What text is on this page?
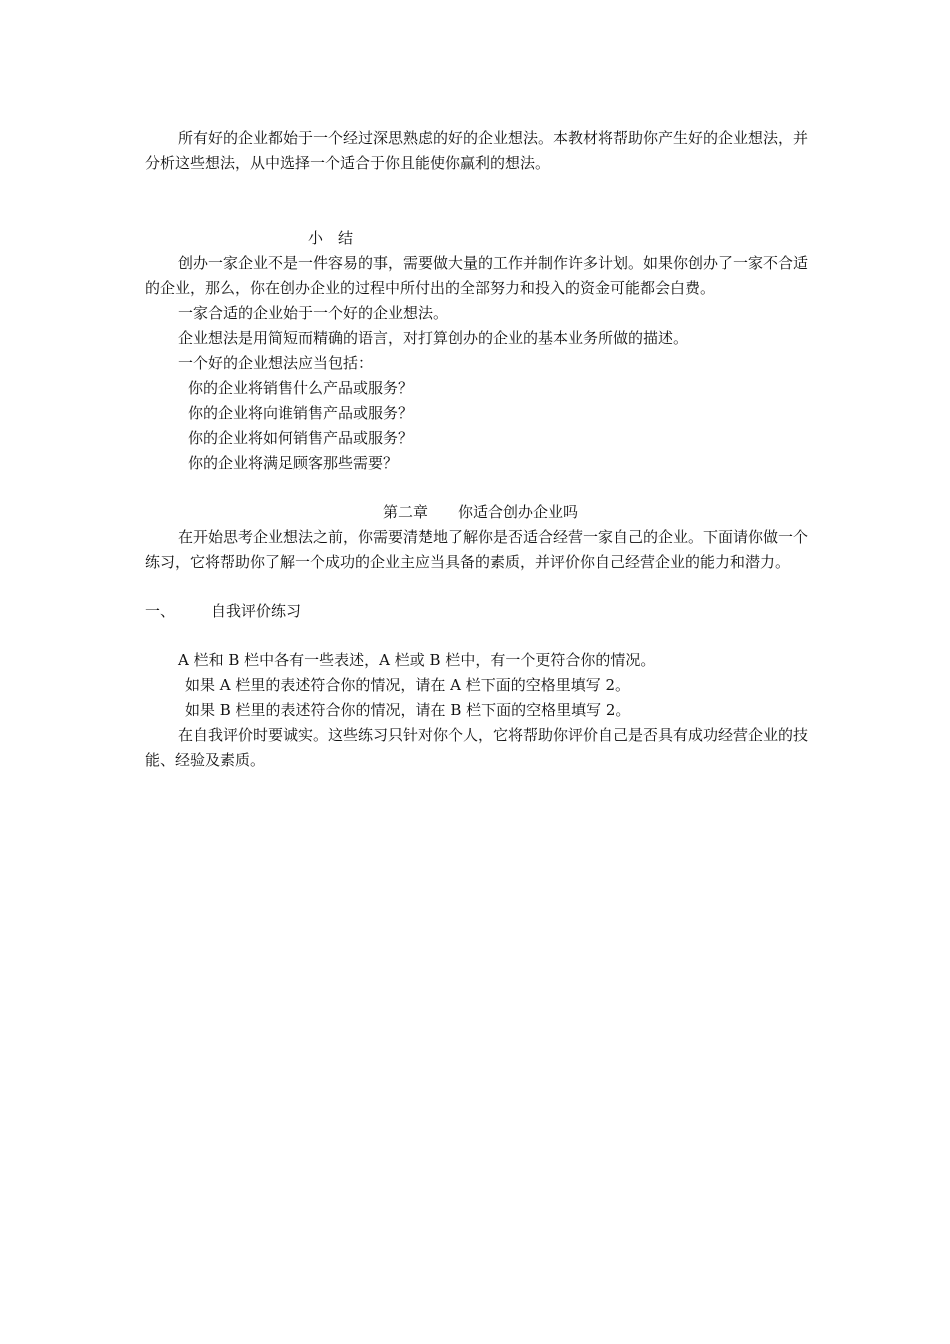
所有好的企业都始于一个经过深思熟虑的好的企业想法。本教材将帮助你产生好的企业想法，并分析这些想法，从中选择一个适合于你且能使你赢利的想法。

小　结

创办一家企业不是一件容易的事，需要做大量的工作并制作许多计划。如果你创办了一家不合适的企业，那么，你在创办企业的过程中所付出的全部努力和投入的资金可能都会白费。

一家合适的企业始于一个好的企业想法。

企业想法是用简短而精确的语言，对打算创办的企业的基本业务所做的描述。

一个好的企业想法应当包括：

你的企业将销售什么产品或服务？

你的企业将向谁销售产品或服务？

你的企业将如何销售产品或服务？

你的企业将满足顾客那些需要？

第二章　　你适合创办企业吗

在开始思考企业想法之前，你需要清楚地了解你是否适合经营一家自己的企业。下面请你做一个练习，它将帮助你了解一个成功的企业主应当具备的素质，并评价你自己经营企业的能力和潜力。

一、 自我评价练习

A 栏和 B 栏中各有一些表述，A 栏或 B 栏中，有一个更符合你的情况。

如果 A 栏里的表述符合你的情况，请在 A 栏下面的空格里填写 2。

如果 B 栏里的表述符合你的情况，请在 B 栏下面的空格里填写 2。

在自我评价时要诚实。这些练习只针对你个人，它将帮助你评价自己是否具有成功经营企业的技能、经验及素质。
